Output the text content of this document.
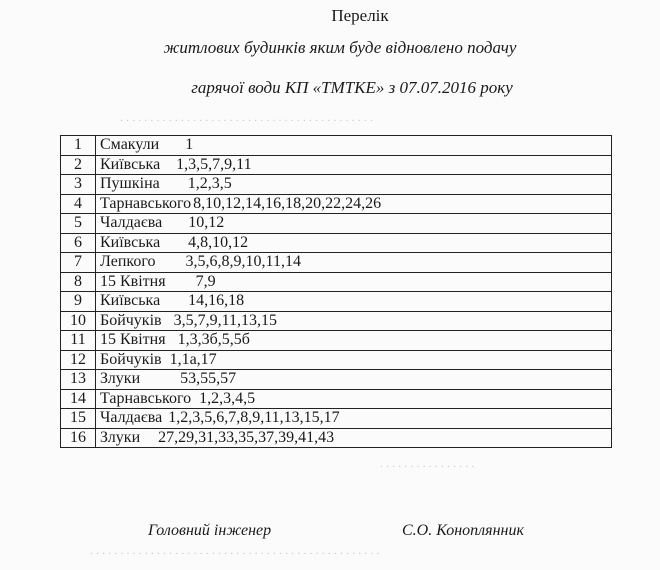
. . . . . . . . . . . . . . . . . . . . . . . . . . . . . . . . . . . . . . . . . .
. . . . . . . . . . . . . . . .
. . . . . . . . . . . . . . . . . . . . . . . . . . . . . . . . . . . . . . . . . . . . . . . .
Перелік
житлових будинків яким буде відновлено подачу
гарячої води КП «ТМТКЕ» з 07.07.2016 року
1	Смакули 1
2	Київська 1,3,5,7,9,11
3	Пушкіна 1,2,3,5
4	Тарнавського 8,10,12,14,16,18,20,22,24,26
5	Чалдаєва 10,12
6	Київська 4,8,10,12
7	Лепкого 3,5,6,8,9,10,11,14
8	15 Квітня 7,9
9	Київська 14,16,18
10	Бойчуків 3,5,7,9,11,13,15
11	15 Квітня 1,3,3б,5,5б
12	Бойчуків 1,1а,17
13	Злуки 53,55,57
14	Тарнавського 1,2,3,4,5
15	Чалдаєва 1,2,3,5,6,7,8,9,11,13,15,17
16	Злуки 27,29,31,33,35,37,39,41,43
Головний інженер	С.О. Коноплянник
